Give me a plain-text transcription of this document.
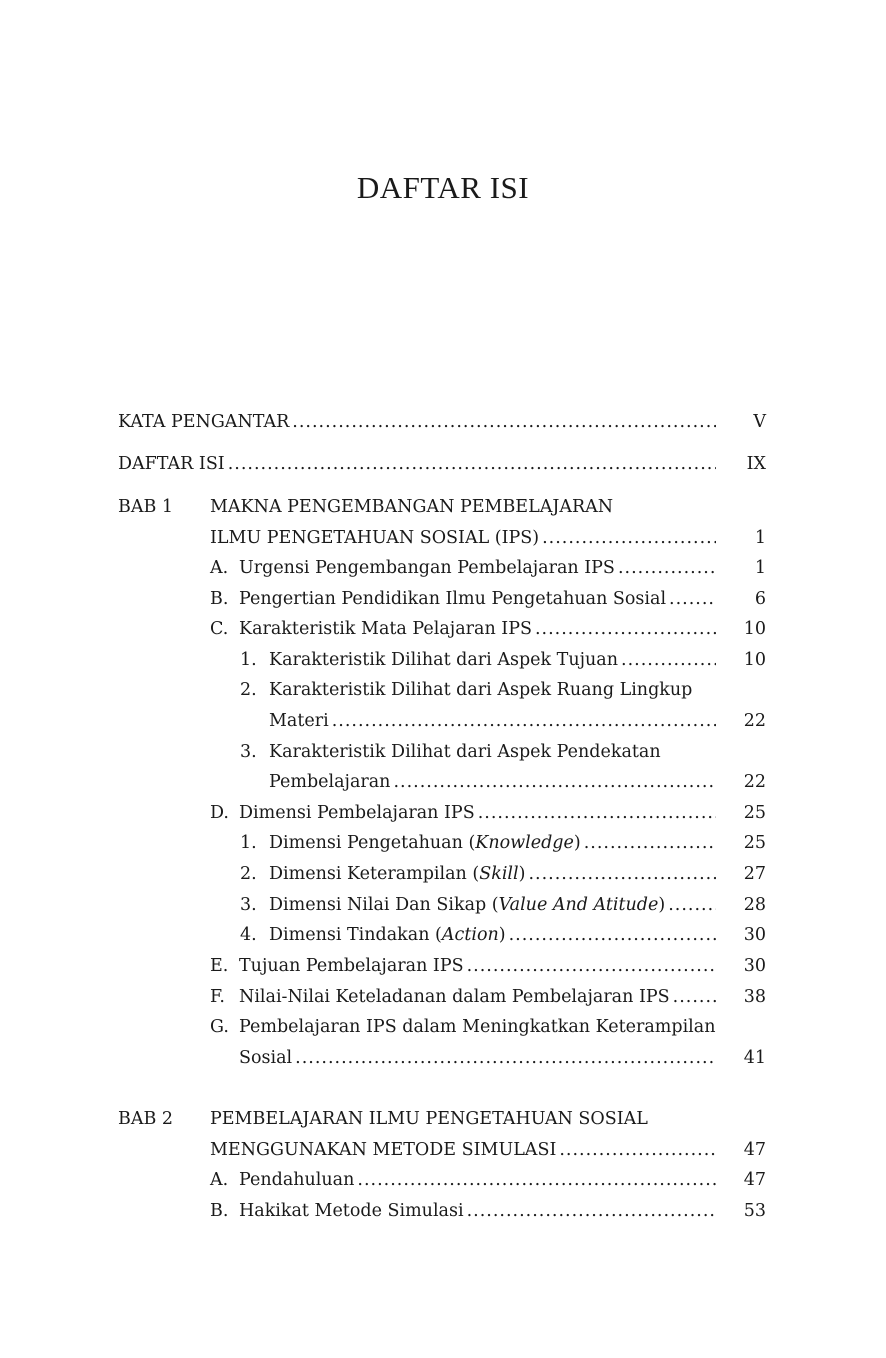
DAFTAR ISI
KATA PENGANTAR .....	V
DAFTAR ISI .....	IX
BAB 1 MAKNA PENGEMBANGAN PEMBELAJARAN
ILMU PENGETAHUAN SOSIAL (IPS) .....	1
A. Urgensi Pengembangan Pembelajaran IPS .....	1
B. Pengertian Pendidikan Ilmu Pengetahuan Sosial .....	6
C. Karakteristik Mata Pelajaran IPS .....	10
1. Karakteristik Dilihat dari Aspek Tujuan .....	10
2. Karakteristik Dilihat dari Aspek Ruang Lingkup
Materi .....	22
3. Karakteristik Dilihat dari Aspek Pendekatan
Pembelajaran .....	22
D. Dimensi Pembelajaran IPS .....	25
1. Dimensi Pengetahuan (Knowledge) .....	25
2. Dimensi Keterampilan (Skill) .....	27
3. Dimensi Nilai Dan Sikap (Value And Atitude) .....	28
4. Dimensi Tindakan (Action) .....	30
E. Tujuan Pembelajaran IPS .....	30
F. Nilai-Nilai Keteladanan dalam Pembelajaran IPS .....	38
G. Pembelajaran IPS dalam Meningkatkan Keterampilan
Sosial .....	41
BAB 2 PEMBELAJARAN ILMU PENGETAHUAN SOSIAL
MENGGUNAKAN METODE SIMULASI .....	47
A. Pendahuluan .....	47
B. Hakikat Metode Simulasi .....	53
